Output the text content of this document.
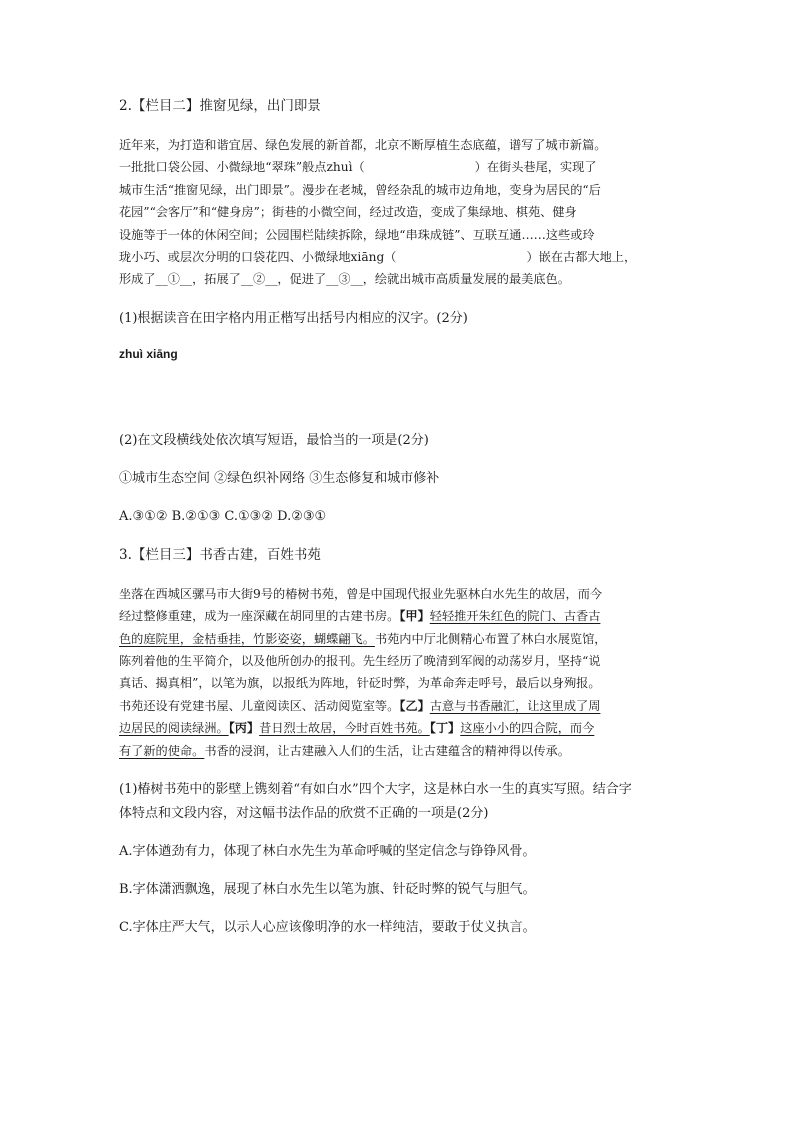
2.【栏目二】推窗见绿，出门即景

近年来，为打造和谐宜居、绿色发展的新首都，北京不断厚植生态底蕴，谱写了城市新篇。
一批批口袋公园、小微绿地“翠珠”般点zhuì（	）在街头巷尾，实现了
城市生活“推窗见绿，出门即景”。漫步在老城，曾经杂乱的城市边角地，变身为居民的“后
花园”“会客厅”和“健身房”；街巷的小微空间，经过改造，变成了集绿地、棋苑、健身
设施等于一体的休闲空间；公园围栏陆续拆除，绿地“串珠成链”、互联互通……这些或玲
珑小巧、或层次分明的口袋花四、小微绿地xiāng（	）嵌在古都大地上，
形成了__①__，拓展了__②__，促进了__③__，绘就出城市高质量发展的最美底色。

(1)根据读音在田字格内用正楷写出括号内相应的汉字。(2分)

zhuì xiāng

(2)在文段横线处依次填写短语，最恰当的一项是(2分)

①城市生态空间 ②绿色织补网络 ③生态修复和城市修补

A.③①② B.②①③ C.①③② D.②③①

3.【栏目三】书香古建，百姓书苑

坐落在西城区骡马市大街9号的椿树书苑，曾是中国现代报业先驱林白水先生的故居，而今
经过整修重建，成为一座深藏在胡同里的古建书房。【甲】轻轻推开朱红色的院门、古香古
色的庭院里，金桔垂挂，竹影姿姿，蝴蝶翩飞。书苑内中厅北侧精心布置了林白水展览馆，
陈列着他的生平简介，以及他所创办的报刊。先生经历了晚清到军阀的动荡岁月，坚持“说
真话、揭真相”，以笔为旗，以报纸为阵地，针砭时弊，为革命奔走呼号，最后以身殉报。
书苑还设有党建书屋、儿童阅读区、活动阅览室等。【乙】古意与书香融汇，让这里成了周
边居民的阅读绿洲。【丙】昔日烈士故居，今时百姓书苑。【丁】这座小小的四合院，而今
有了新的使命。书香的浸润，让古建融入人们的生活，让古建蕴含的精神得以传承。

(1)椿树书苑中的影壁上镌刻着“有如白水”四个大字，这是林白水一生的真实写照。结合字

体特点和文段内容，对这幅书法作品的欣赏不正确的一项是(2分)

A.字体遒劲有力，体现了林白水先生为革命呼喊的坚定信念与铮铮风骨。

B.字体潇洒飘逸，展现了林白水先生以笔为旗、针砭时弊的锐气与胆气。

C.字体庄严大气，以示人心应该像明净的水一样纯洁，要敢于仗义执言。
